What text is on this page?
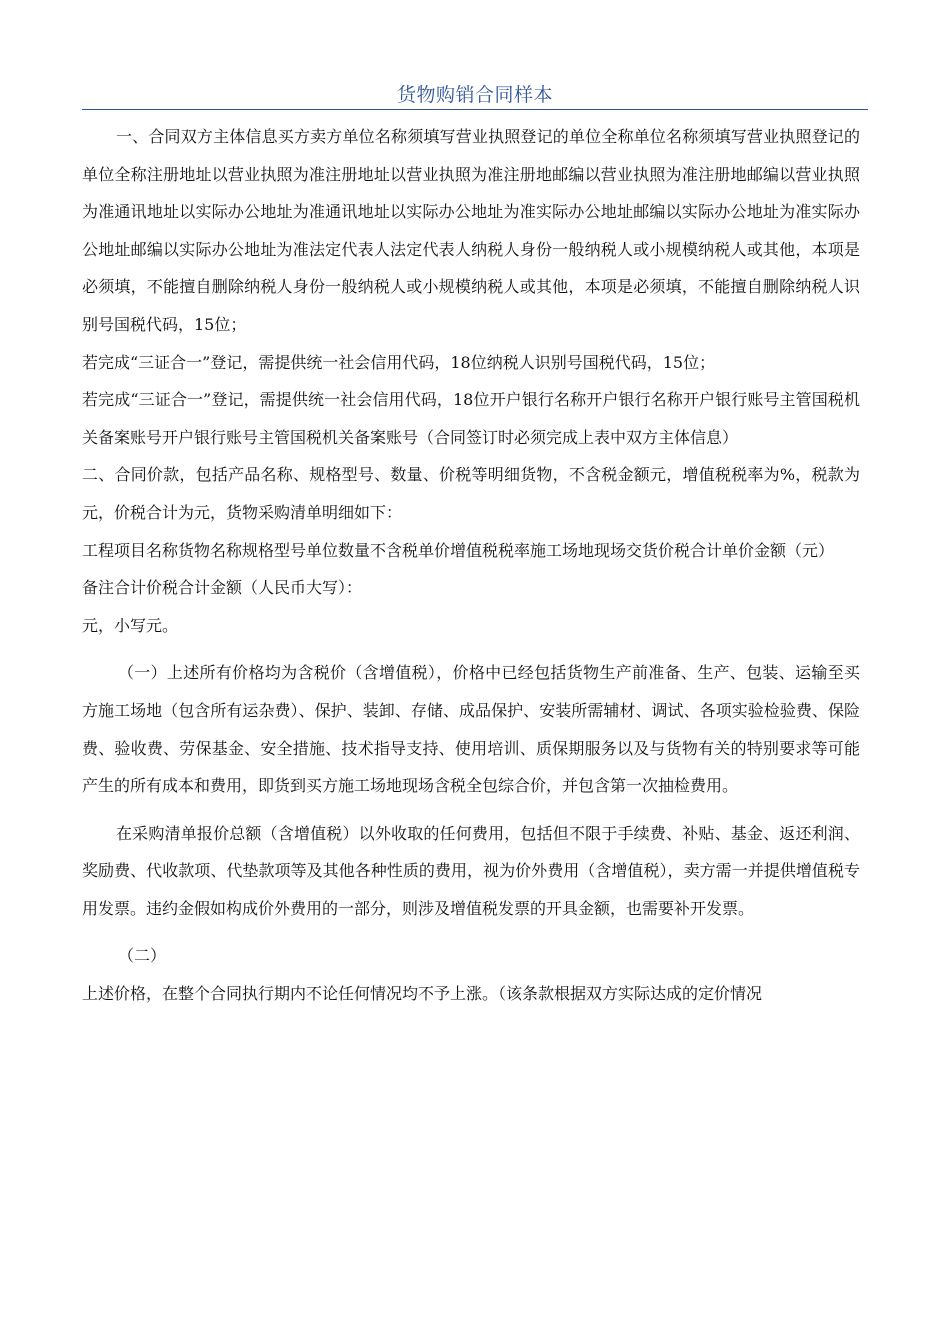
货物购销合同样本

一、合同双方主体信息买方卖方单位名称须填写营业执照登记的单位全称单位名称须填写营业执照登记的单位全称注册地址以营业执照为准注册地址以营业执照为准注册地邮编以营业执照为准注册地邮编以营业执照为准通讯地址以实际办公地址为准通讯地址以实际办公地址为准实际办公地址邮编以实际办公地址为准实际办公地址邮编以实际办公地址为准法定代表人法定代表人纳税人身份一般纳税人或小规模纳税人或其他，本项是必须填，不能擅自删除纳税人身份一般纳税人或小规模纳税人或其他，本项是必须填，不能擅自删除纳税人识别号国税代码，15位；

若完成“三证合一”登记，需提供统一社会信用代码，18位纳税人识别号国税代码，15位；

若完成“三证合一”登记，需提供统一社会信用代码，18位开户银行名称开户银行名称开户银行账号主管国税机关备案账号开户银行账号主管国税机关备案账号（合同签订时必须完成上表中双方主体信息）

二、合同价款，包括产品名称、规格型号、数量、价税等明细货物，不含税金额元，增值税税率为%，税款为元，价税合计为元，货物采购清单明细如下：

工程项目名称货物名称规格型号单位数量不含税单价增值税税率施工场地现场交货价税合计单价金额（元）

备注合计价税合计金额（人民币大写）：

元，小写元。

（一）上述所有价格均为含税价（含增值税），价格中已经包括货物生产前准备、生产、包装、运输至买方施工场地（包含所有运杂费）、保护、装卸、存储、成品保护、安装所需辅材、调试、各项实验检验费、保险费、验收费、劳保基金、安全措施、技术指导支持、使用培训、质保期服务以及与货物有关的特别要求等可能产生的所有成本和费用，即货到买方施工场地现场含税全包综合价，并包含第一次抽检费用。

在采购清单报价总额（含增值税）以外收取的任何费用，包括但不限于手续费、补贴、基金、返还利润、奖励费、代收款项、代垫款项等及其他各种性质的费用，视为价外费用（含增值税），卖方需一并提供增值税专用发票。违约金假如构成价外费用的一部分，则涉及增值税发票的开具金额，也需要补开发票。

（二）

上述价格，在整个合同执行期内不论任何情况均不予上涨。（该条款根据双方实际达成的定价情况
